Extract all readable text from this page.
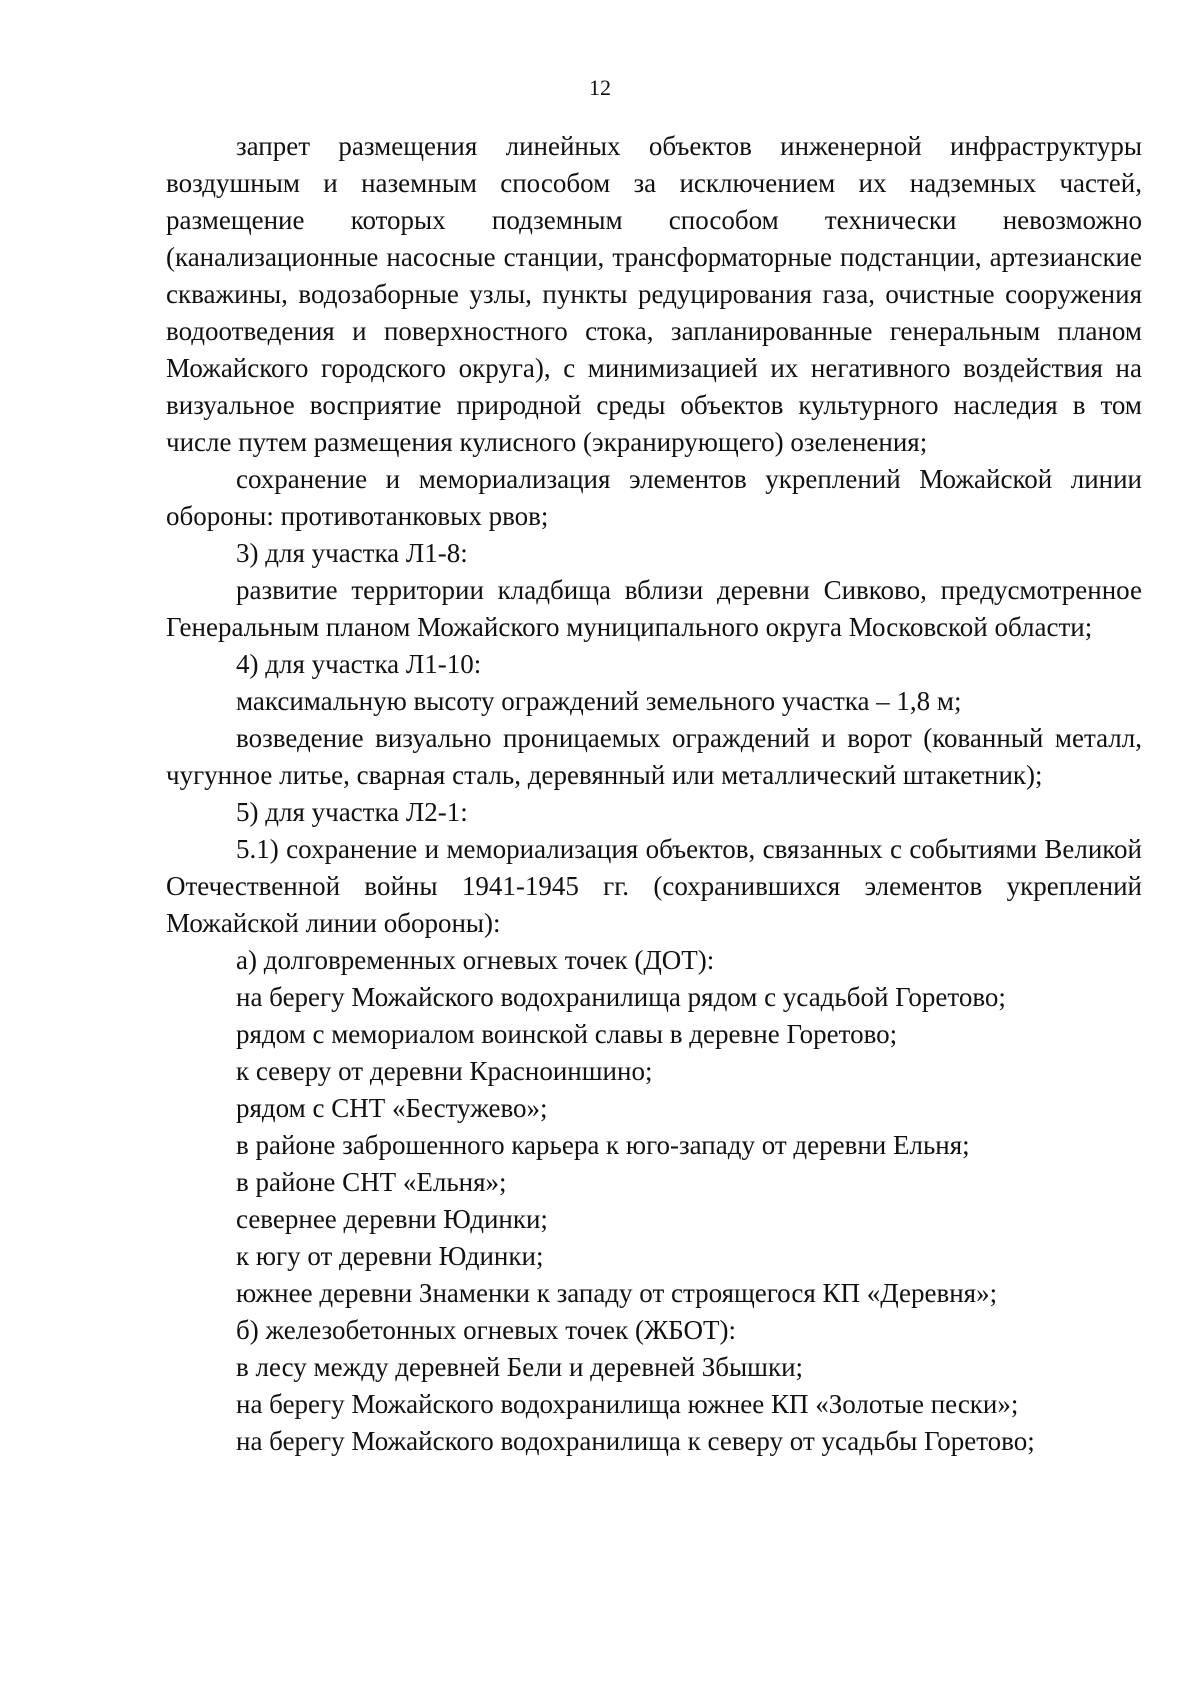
12

запрет размещения линейных объектов инженерной инфраструктуры воздушным и наземным способом за исключением их надземных частей, размещение которых подземным способом технически невозможно (канализационные насосные станции, трансформаторные подстанции, артезианские скважины, водозаборные узлы, пункты редуцирования газа, очистные сооружения водоотведения и поверхностного стока, запланированные генеральным планом Можайского городского округа), с минимизацией их негативного воздействия на визуальное восприятие природной среды объектов культурного наследия в том числе путем размещения кулисного (экранирующего) озеленения;

сохранение и мемориализация элементов укреплений Можайской линии обороны: противотанковых рвов;

3) для участка Л1-8:

развитие территории кладбища вблизи деревни Сивково, предусмотренное Генеральным планом Можайского муниципального округа Московской области;

4) для участка Л1-10:

максимальную высоту ограждений земельного участка – 1,8 м;

возведение визуально проницаемых ограждений и ворот (кованный металл, чугунное литье, сварная сталь, деревянный или металлический штакетник);

5) для участка Л2-1:

5.1) сохранение и мемориализация объектов, связанных с событиями Великой Отечественной войны 1941-1945 гг. (сохранившихся элементов укреплений Можайской линии обороны):

а) долговременных огневых точек (ДОТ):

на берегу Можайского водохранилища рядом с усадьбой Горетово;

рядом с мемориалом воинской славы в деревне Горетово;

к северу от деревни Красноиншино;

рядом с СНТ «Бестужево»;

в районе заброшенного карьера к юго-западу от деревни Ельня;

в районе СНТ «Ельня»;

севернее деревни Юдинки;

к югу от деревни Юдинки;

южнее деревни Знаменки к западу от строящегося КП «Деревня»;

б) железобетонных огневых точек (ЖБОТ):

в лесу между деревней Бели и деревней Збышки;

на берегу Можайского водохранилища южнее КП «Золотые пески»;

на берегу Можайского водохранилища к северу от усадьбы Горетово;
